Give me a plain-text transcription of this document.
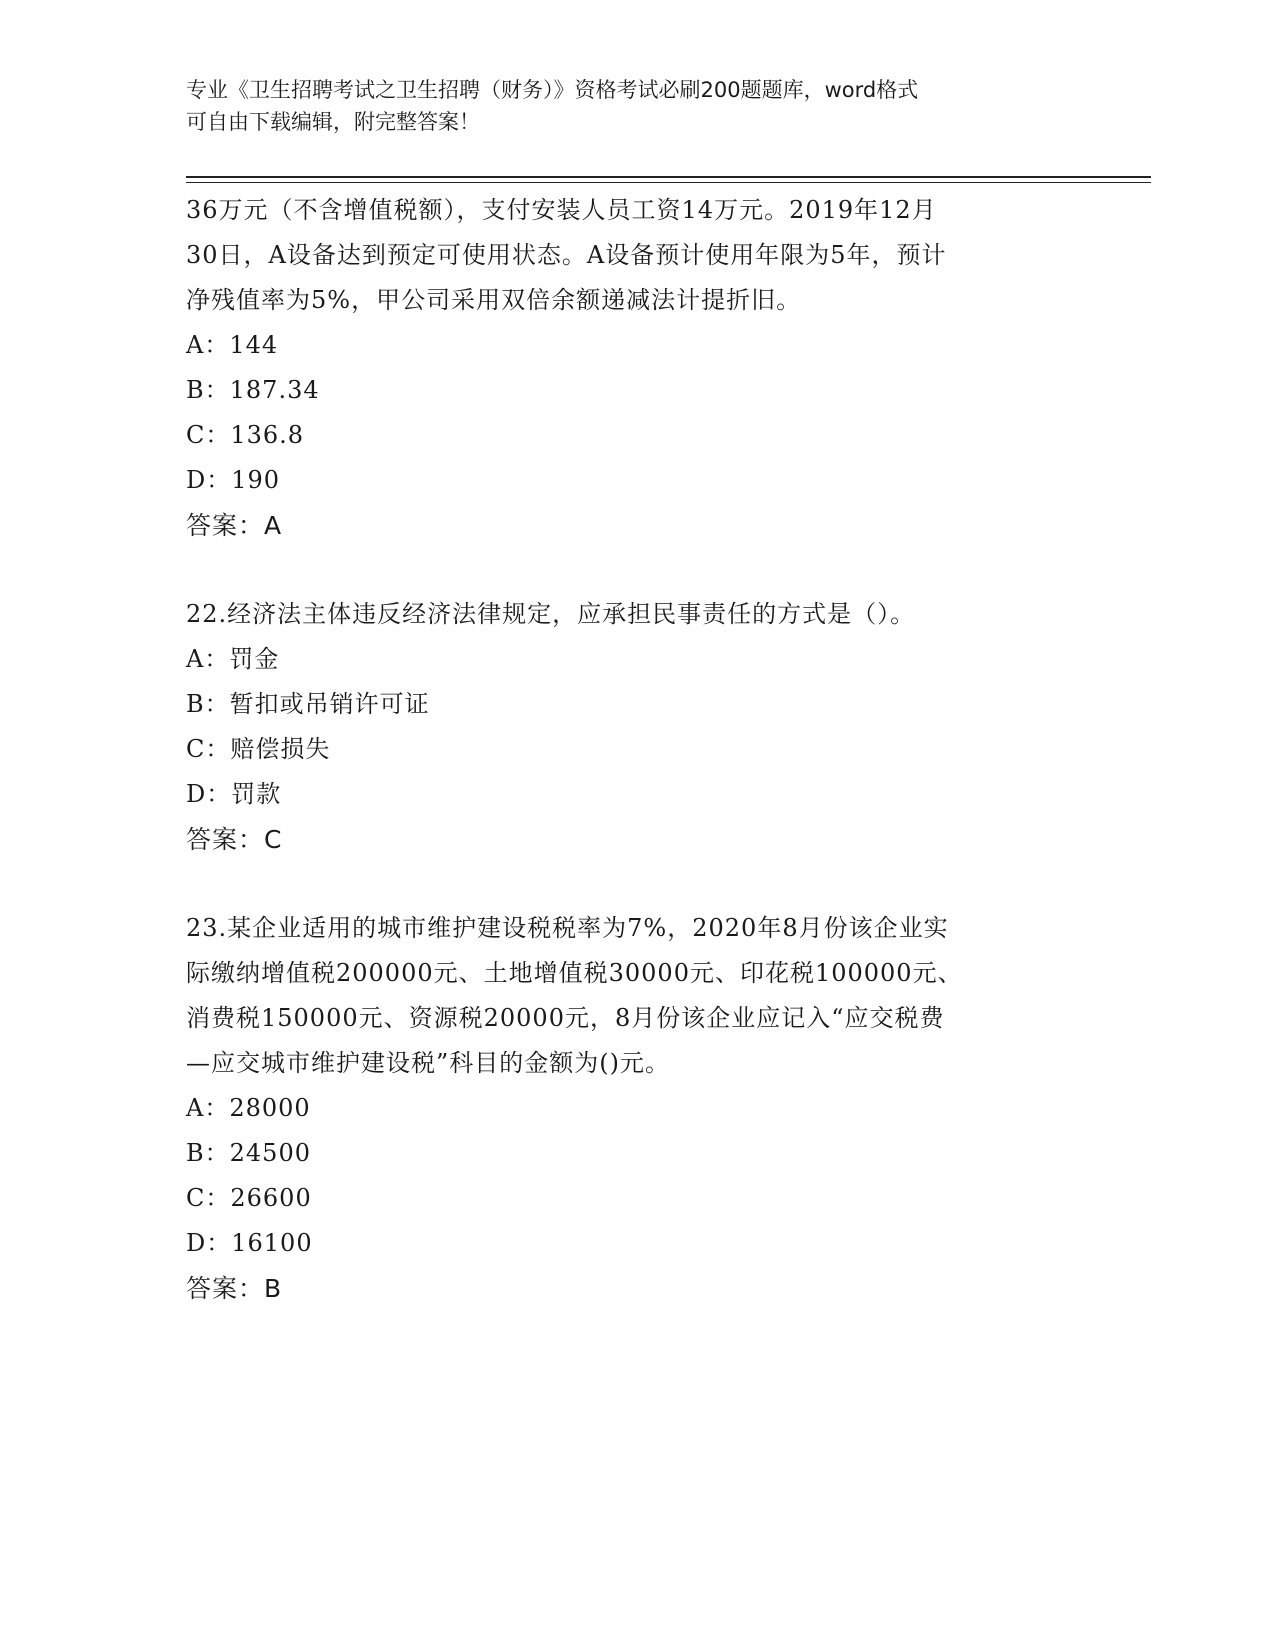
专业《卫生招聘考试之卫生招聘（财务）》资格考试必刷200题题库，word格式
可自由下载编辑，附完整答案！
36万元（不含增值税额），支付安装人员工资14万元。2019年12月
30日，A设备达到预定可使用状态。A设备预计使用年限为5年，预计
净残值率为5%，甲公司采用双倍余额递减法计提折旧。
A：144
B：187.34
C：136.8
D：190
答案：A
22.经济法主体违反经济法律规定，应承担民事责任的方式是（）。
A：罚金
B：暂扣或吊销许可证
C：赔偿损失
D：罚款
答案：C
23.某企业适用的城市维护建设税税率为7%，2020年8月份该企业实
际缴纳增值税200000元、土地增值税30000元、印花税100000元、
消费税150000元、资源税20000元，8月份该企业应记入“应交税费
—应交城市维护建设税”科目的金额为()元。
A：28000
B：24500
C：26600
D：16100
答案：B
